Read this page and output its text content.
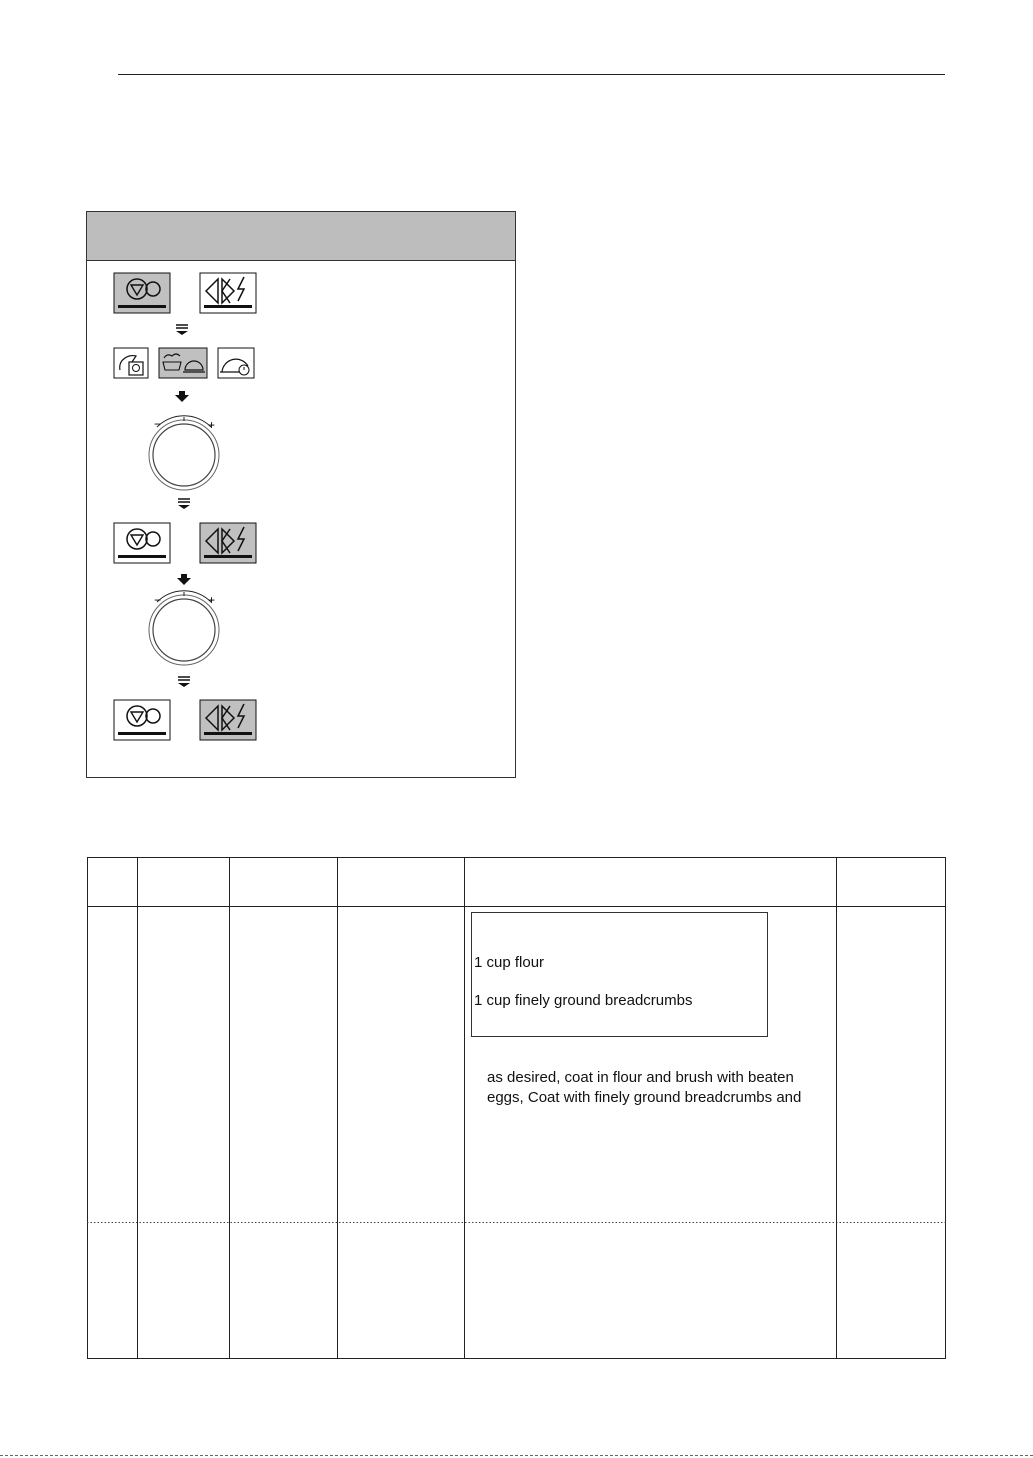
−	+
−	+
1 cup flour
1 cup finely ground breadcrumbs
as desired, coat in flour and brush with beaten
eggs, Coat with finely ground breadcrumbs and
